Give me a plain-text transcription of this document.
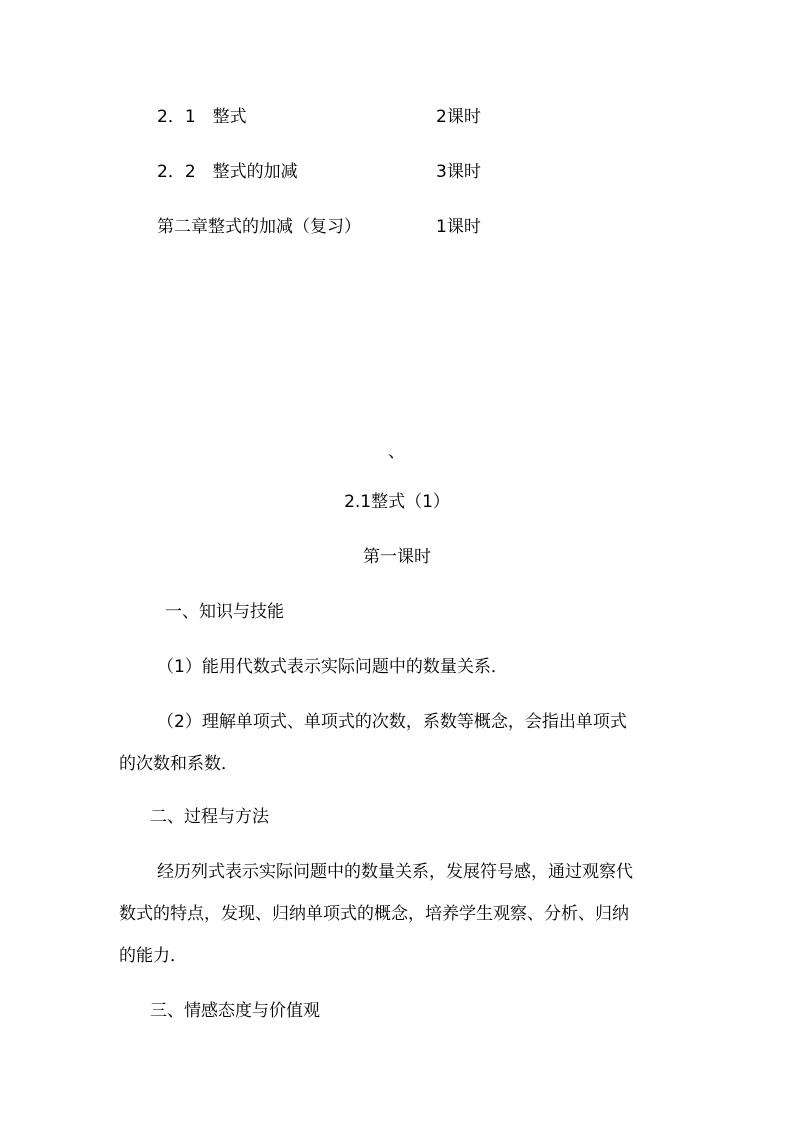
2．1　整式	2课时
2．2　整式的加减	3课时
第二章整式的加减（复习）	1课时
、
2.1整式（1）
第一课时
一、知识与技能
（1）能用代数式表示实际问题中的数量关系．
（2）理解单项式、单项式的次数，系数等概念，会指出单项式
的次数和系数．
二、过程与方法
经历列式表示实际问题中的数量关系，发展符号感，通过观察代
数式的特点，发现、归纳单项式的概念，培养学生观察、分析、归纳
的能力．
三、情感态度与价值观
